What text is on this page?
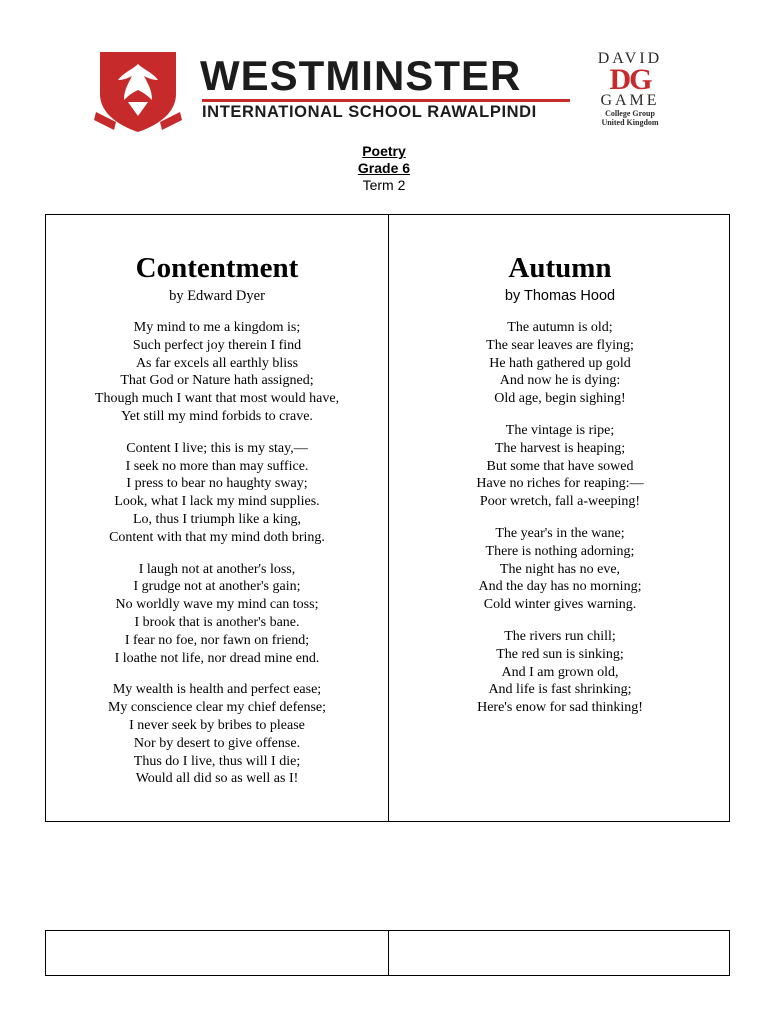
WESTMINSTER
INTERNATIONAL SCHOOL RAWALPINDI
DAVID
DG
GAME
College Group
United Kingdom
Poetry
Grade 6
Term 2
Contentment
by Edward Dyer
My mind to me a kingdom is;
Such perfect joy therein I find
As far excels all earthly bliss
That God or Nature hath assigned;
Though much I want that most would have,
Yet still my mind forbids to crave.
Content I live; this is my stay,—
I seek no more than may suffice.
I press to bear no haughty sway;
Look, what I lack my mind supplies.
Lo, thus I triumph like a king,
Content with that my mind doth bring.
I laugh not at another's loss,
I grudge not at another's gain;
No worldly wave my mind can toss;
I brook that is another's bane.
I fear no foe, nor fawn on friend;
I loathe not life, nor dread mine end.
My wealth is health and perfect ease;
My conscience clear my chief defense;
I never seek by bribes to please
Nor by desert to give offense.
Thus do I live, thus will I die;
Would all did so as well as I!
Autumn
by Thomas Hood
The autumn is old;
The sear leaves are flying;
He hath gathered up gold
And now he is dying:
Old age, begin sighing!
The vintage is ripe;
The harvest is heaping;
But some that have sowed
Have no riches for reaping:—
Poor wretch, fall a-weeping!
The year's in the wane;
There is nothing adorning;
The night has no eve,
And the day has no morning;
Cold winter gives warning.
The rivers run chill;
The red sun is sinking;
And I am grown old,
And life is fast shrinking;
Here's enow for sad thinking!
